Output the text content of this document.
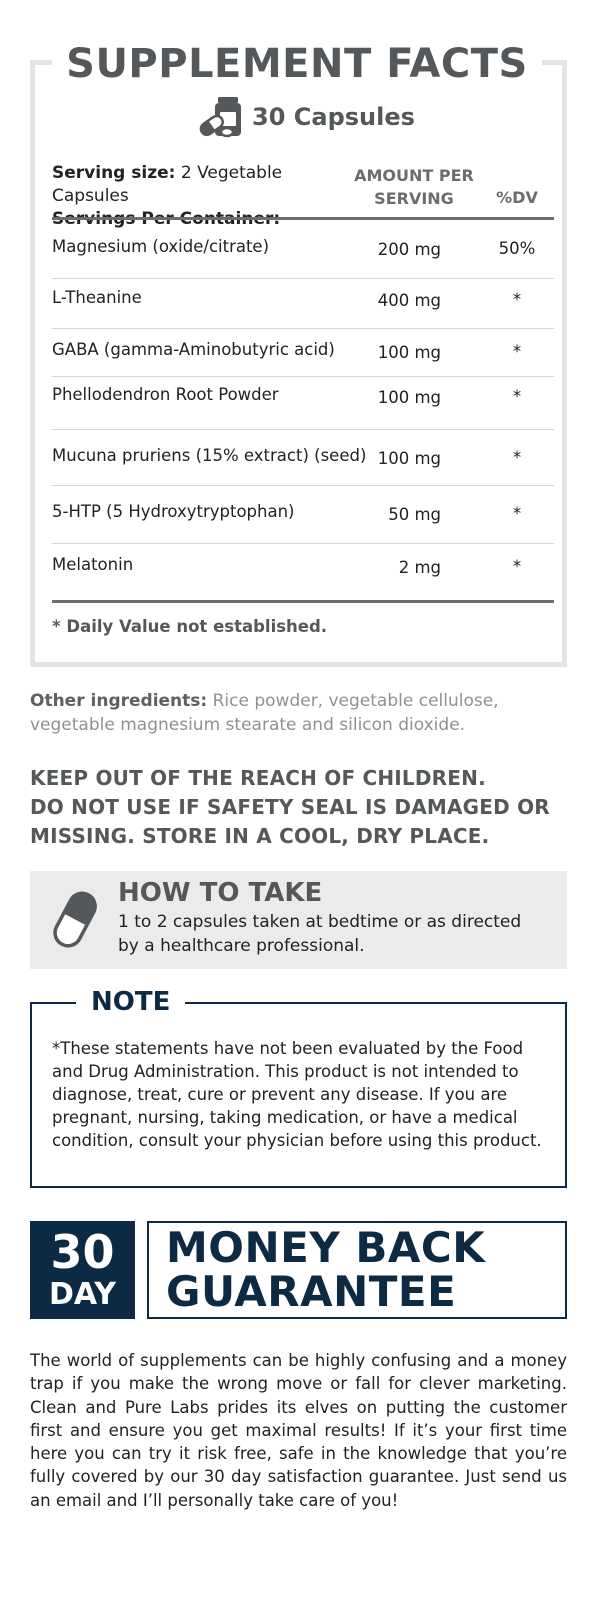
SUPPLEMENT FACTS
30 Capsules
Serving size: 2 Vegetable Capsules
AMOUNT PER
SERVING	%DV
Magnesium (oxide/citrate)	200 mg	50%
L-Theanine	400 mg	*
GABA (gamma-Aminobutyric acid)	100 mg	*
Phellodendron Root Powder	100 mg	*
Mucuna pruriens (15% extract) (seed) 100 mg	*
5-HTP (5 Hydroxytryptophan)	50 mg	*
Melatonin	2 mg	*
* Daily Value not established.
Other ingredients: Rice powder, vegetable cellulose, vegetable magnesium stearate and silicon dioxide.
KEEP OUT OF THE REACH OF CHILDREN.
DO NOT USE IF SAFETY SEAL IS DAMAGED OR
MISSING. STORE IN A COOL, DRY PLACE.
HOW TO TAKE
1 to 2 capsules taken at bedtime or as directed by a healthcare professional.
NOTE
*These statements have not been evaluated by the Food and Drug Administration. This product is not intended to diagnose, treat, cure or prevent any disease. If you are pregnant, nursing, taking medication, or have a medical condition, consult your physician before using this product.
30
DAY
MONEY BACK
GUARANTEE
The world of supplements can be highly confusing and a money trap if you make the wrong move or fall for clever marketing. Clean and Pure Labs prides its elves on putting the customer first and ensure you get maximal results! If it’s your first time here you can try it risk free, safe in the knowledge that you’re fully covered by our 30 day satisfaction guarantee. Just send us an email and I’ll personally take care of you!
